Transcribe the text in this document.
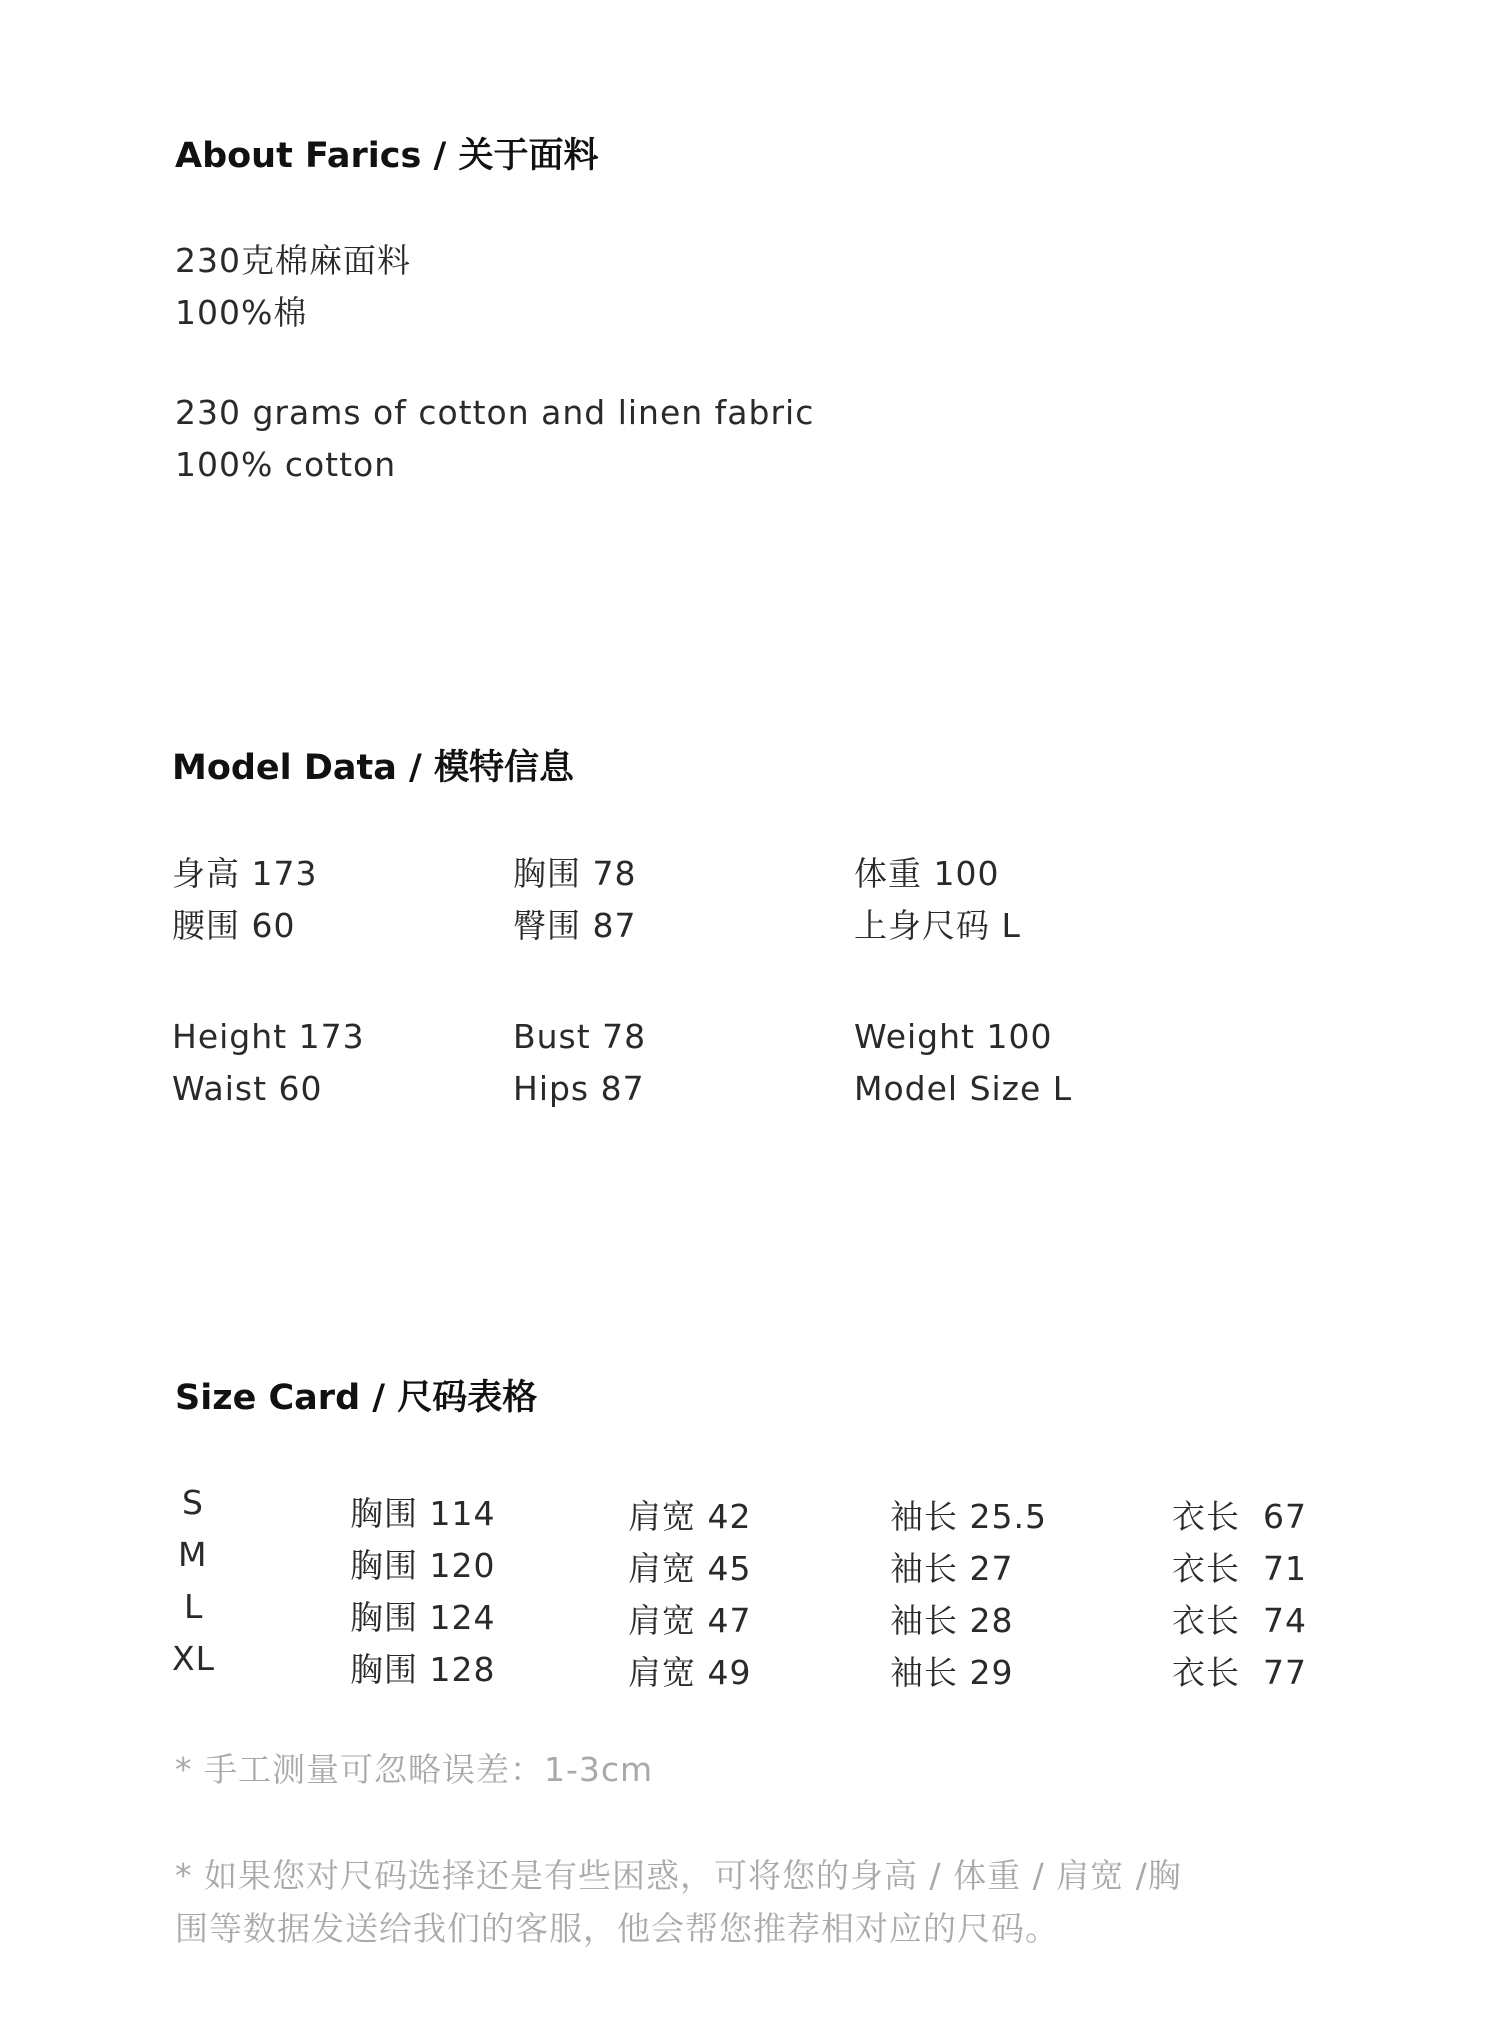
About Farics / 关于面料
230克棉麻面料
100%棉
230 grams of cotton and linen fabric
100% cotton
Model Data / 模特信息
身高 173	胸围 78	体重 100
腰围 60	臀围 87	上身尺码 L
Height 173	Bust 78	Weight 100
Waist 60	Hips 87	Model Size L
Size Card / 尺码表格
S	胸围 114	肩宽 42	袖长 25.5	衣长  67
M	胸围 120	肩宽 45	袖长 27	衣长  71
L	胸围 124	肩宽 47	袖长 28	衣长  74
XL	胸围 128	肩宽 49	袖长 29	衣长  77
* 手工测量可忽略误差：1-3cm
* 如果您对尺码选择还是有些困惑，可将您的身高 / 体重 / 肩宽 /胸
围等数据发送给我们的客服，他会帮您推荐相对应的尺码。
